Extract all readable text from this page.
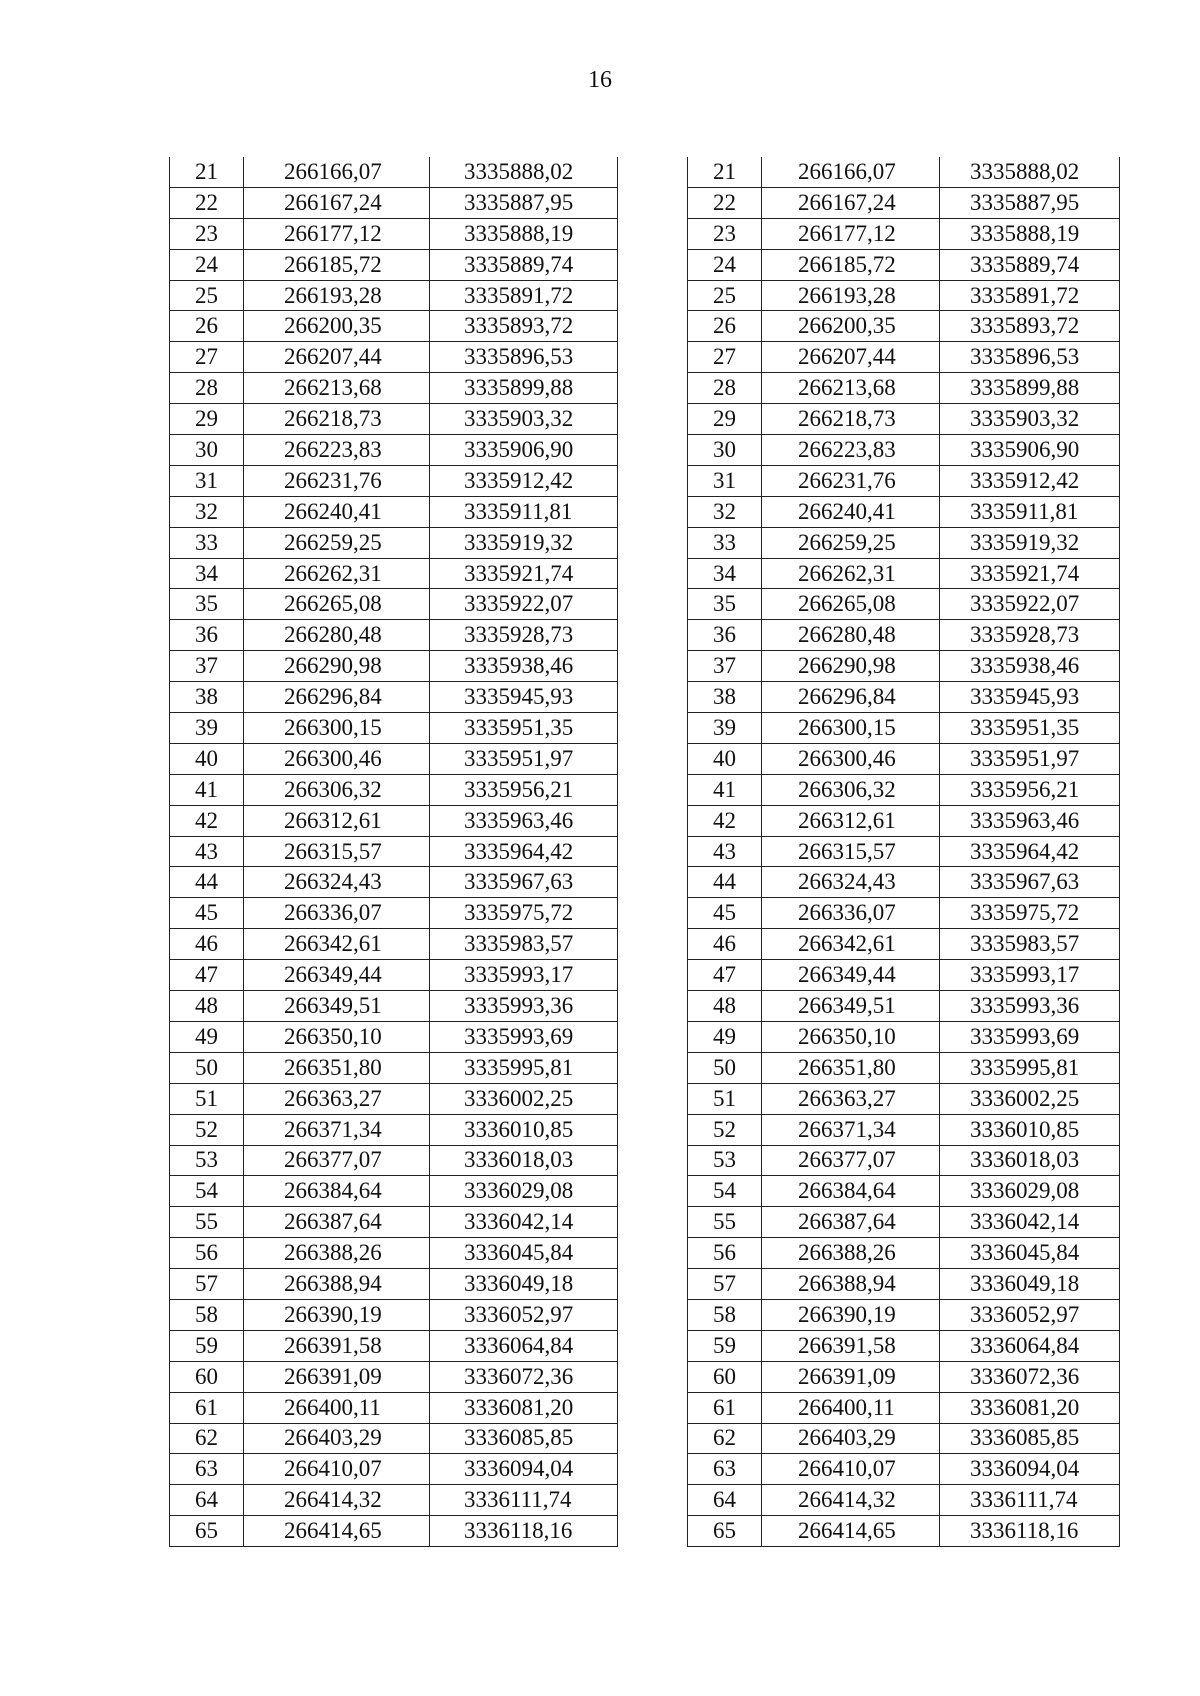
16
21	266166,07	3335888,02
22	266167,24	3335887,95
23	266177,12	3335888,19
24	266185,72	3335889,74
25	266193,28	3335891,72
26	266200,35	3335893,72
27	266207,44	3335896,53
28	266213,68	3335899,88
29	266218,73	3335903,32
30	266223,83	3335906,90
31	266231,76	3335912,42
32	266240,41	3335911,81
33	266259,25	3335919,32
34	266262,31	3335921,74
35	266265,08	3335922,07
36	266280,48	3335928,73
37	266290,98	3335938,46
38	266296,84	3335945,93
39	266300,15	3335951,35
40	266300,46	3335951,97
41	266306,32	3335956,21
42	266312,61	3335963,46
43	266315,57	3335964,42
44	266324,43	3335967,63
45	266336,07	3335975,72
46	266342,61	3335983,57
47	266349,44	3335993,17
48	266349,51	3335993,36
49	266350,10	3335993,69
50	266351,80	3335995,81
51	266363,27	3336002,25
52	266371,34	3336010,85
53	266377,07	3336018,03
54	266384,64	3336029,08
55	266387,64	3336042,14
56	266388,26	3336045,84
57	266388,94	3336049,18
58	266390,19	3336052,97
59	266391,58	3336064,84
60	266391,09	3336072,36
61	266400,11	3336081,20
62	266403,29	3336085,85
63	266410,07	3336094,04
64	266414,32	3336111,74
65	266414,65	3336118,16
21	266166,07	3335888,02
22	266167,24	3335887,95
23	266177,12	3335888,19
24	266185,72	3335889,74
25	266193,28	3335891,72
26	266200,35	3335893,72
27	266207,44	3335896,53
28	266213,68	3335899,88
29	266218,73	3335903,32
30	266223,83	3335906,90
31	266231,76	3335912,42
32	266240,41	3335911,81
33	266259,25	3335919,32
34	266262,31	3335921,74
35	266265,08	3335922,07
36	266280,48	3335928,73
37	266290,98	3335938,46
38	266296,84	3335945,93
39	266300,15	3335951,35
40	266300,46	3335951,97
41	266306,32	3335956,21
42	266312,61	3335963,46
43	266315,57	3335964,42
44	266324,43	3335967,63
45	266336,07	3335975,72
46	266342,61	3335983,57
47	266349,44	3335993,17
48	266349,51	3335993,36
49	266350,10	3335993,69
50	266351,80	3335995,81
51	266363,27	3336002,25
52	266371,34	3336010,85
53	266377,07	3336018,03
54	266384,64	3336029,08
55	266387,64	3336042,14
56	266388,26	3336045,84
57	266388,94	3336049,18
58	266390,19	3336052,97
59	266391,58	3336064,84
60	266391,09	3336072,36
61	266400,11	3336081,20
62	266403,29	3336085,85
63	266410,07	3336094,04
64	266414,32	3336111,74
65	266414,65	3336118,16
